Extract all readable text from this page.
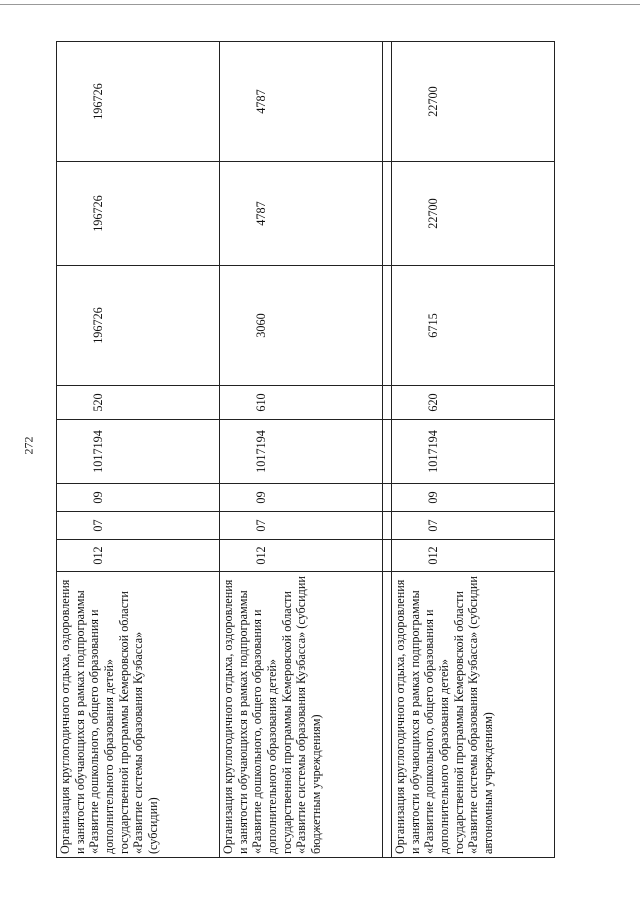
272
Организация круглогодичного отдыха, оздоровления и занятости обучающихся в рамках подпрограммы «Развитие дошкольного, общего образования и дополнительного образования детей» государственной программы Кемеровской области «Развитие системы образования Кузбасса» (субсидии)	012	07	09	1017194	520	196726	196726	196726
Организация круглогодичного отдыха, оздоровления и занятости обучающихся в рамках подпрограммы «Развитие дошкольного, общего образования и дополнительного образования детей» государственной программы Кемеровской области «Развитие системы образования Кузбасса» (субсидии бюджетным учреждениям)	012	07	09	1017194	610	3060	4787	4787

Организация круглогодичного отдыха, оздоровления и занятости обучающихся в рамках подпрограммы «Развитие дошкольного, общего образования и дополнительного образования детей» государственной программы Кемеровской области «Развитие системы образования Кузбасса» (субсидии автономным учреждениям)	012	07	09	1017194	620	6715	22700	22700
